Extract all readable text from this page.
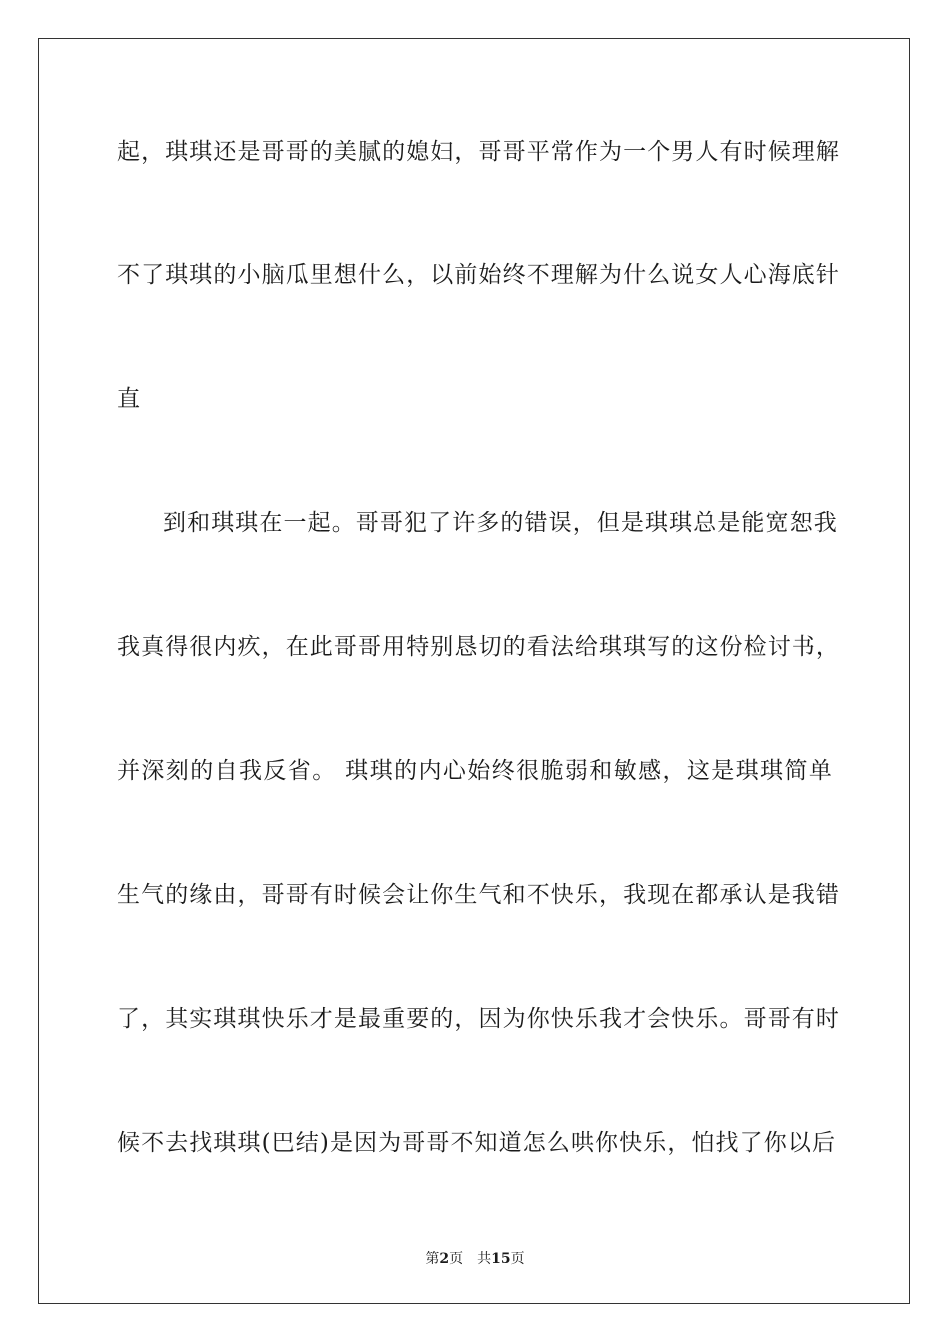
起，琪琪还是哥哥的美腻的媳妇，哥哥平常作为一个男人有时候理解
不了琪琪的小脑瓜里想什么，以前始终不理解为什么说女人心海底针
直
到和琪琪在一起。哥哥犯了许多的错误，但是琪琪总是能宽恕我
我真得很内疚，在此哥哥用特别恳切的看法给琪琪写的这份检讨书，
并深刻的自我反省。 琪琪的内心始终很脆弱和敏感，这是琪琪简单
生气的缘由，哥哥有时候会让你生气和不快乐，我现在都承认是我错
了，其实琪琪快乐才是最重要的，因为你快乐我才会快乐。哥哥有时
候不去找琪琪(巴结)是因为哥哥不知道怎么哄你快乐，怕找了你以后
第2页 共15页
